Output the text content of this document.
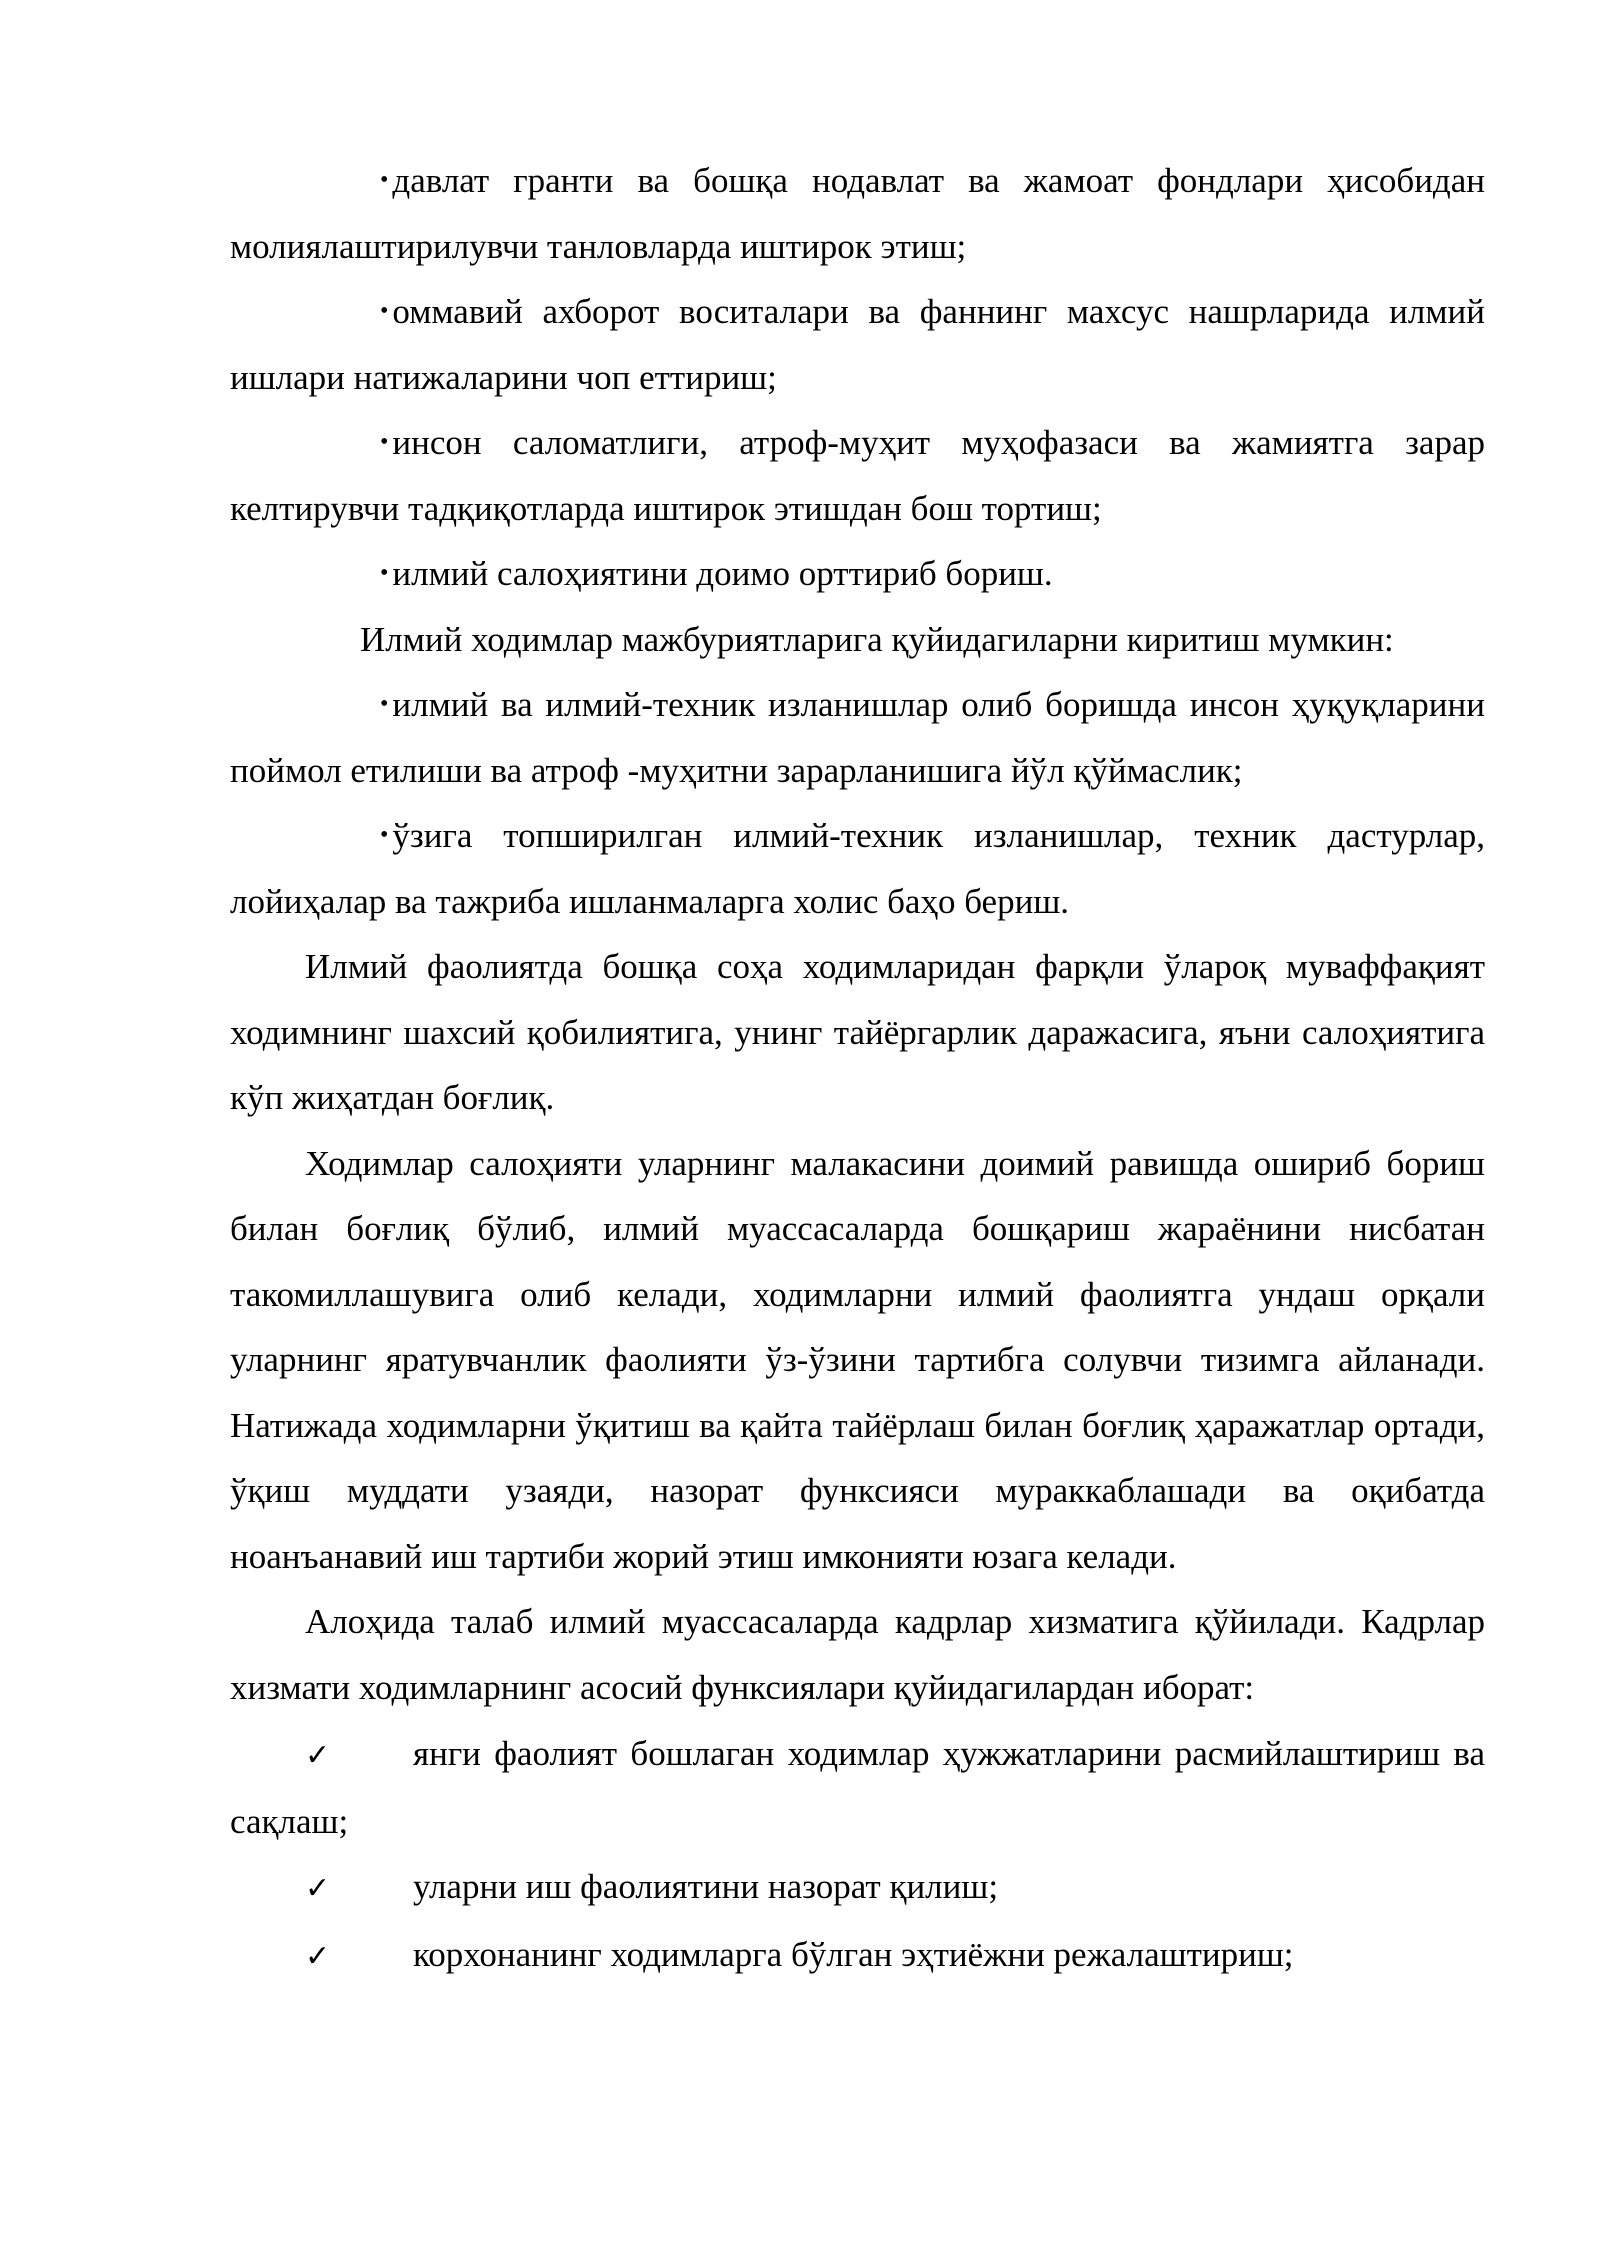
• давлат гранти ва бошқа нодавлат ва жамоат фондлари ҳисобидан молиялаштирилувчи танловларда иштирок этиш;

• оммавий ахборот воситалари ва фаннинг махсус нашрларида илмий ишлари натижаларини чоп еттириш;

• инсон саломатлиги, атроф-муҳит муҳофазаси ва жамиятга зарар келтирувчи тадқиқотларда иштирок этишдан бош тортиш;

• илмий салоҳиятини доимо орттириб бориш.

Илмий ходимлар мажбуриятларига қуйидагиларни киритиш мумкин:

• илмий ва илмий-техник изланишлар олиб боришда инсон ҳуқуқларини поймол етилиши ва атроф -муҳитни зарарланишига йўл қўймаслик;

• ўзига топширилган илмий-техник изланишлар, техник дастурлар, лойиҳалар ва тажриба ишланмаларга холис баҳо бериш.

Илмий фаолиятда бошқа соҳа ходимларидан фарқли ўларoқ муваффақият ходимнинг шахсий қобилиятига, унинг тайёргарлик даражасига, яъни салоҳиятига кўп жиҳатдан боғлиқ.

Ходимлар салоҳияти уларнинг малакасини доимий равишда ошириб бориш билан боғлиқ бўлиб, илмий муассасаларда бошқариш жараёнини нисбатан такомиллашувига олиб келади, ходимларни илмий фаолиятга ундаш орқали уларнинг яратувчанлик фаолияти ўз-ўзини тартибга солувчи тизимга айланади. Натижада ходимларни ўқитиш ва қайта тайёрлаш билан боғлиқ ҳаражатлар ортади, ўқиш муддати узаяди, назорат функсияси мураккаблашади ва оқибатда ноанъанавий иш тартиби жорий этиш имконияти юзага келади.

Алоҳида талаб илмий муассасаларда кадрлар хизматига қўйилади. Кадрлар хизмати ходимларнинг асосий функсиялари қуйидагилардан иборат:

✓ янги фаолият бошлаган ходимлар ҳужжатларини расмийлаштириш ва сақлаш;

✓ уларни иш фаолиятини назорат қилиш;

✓ корхонанинг ходимларга бўлган эҳтиёжни режалаштириш;
